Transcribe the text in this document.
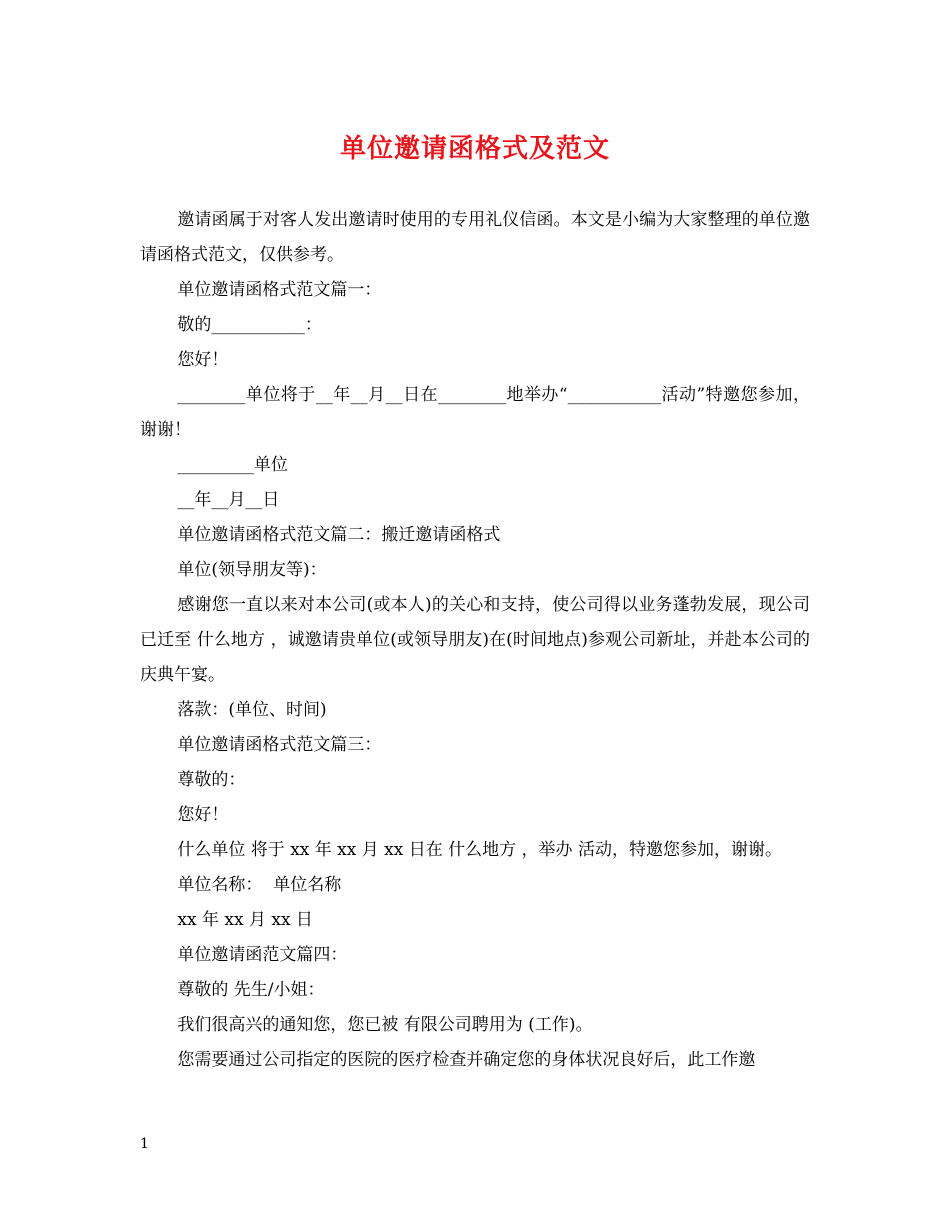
单位邀请函格式及范文

邀请函属于对客人发出邀请时使用的专用礼仪信函。本文是小编为大家整理的单位邀请函格式范文，仅供参考。

单位邀请函格式范文篇一：

敬的___________：

您好！

________单位将于__年__月__日在________地举办“___________活动”特邀您参加，谢谢！

_________单位

__年__月__日

单位邀请函格式范文篇二：搬迁邀请函格式

单位(领导朋友等)：

感谢您一直以来对本公司(或本人)的关心和支持，使公司得以业务蓬勃发展，现公司已迁至 什么地方 ，诚邀请贵单位(或领导朋友)在(时间地点)参观公司新址，并赴本公司的庆典午宴。

落款：(单位、时间)

单位邀请函格式范文篇三：

尊敬的：

您好！

什么单位 将于 xx 年 xx 月 xx 日在 什么地方 ，举办 活动，特邀您参加，谢谢。

单位名称：  单位名称

xx 年 xx 月 xx 日

单位邀请函范文篇四：

尊敬的 先生/小姐：

我们很高兴的通知您，您已被 有限公司聘用为 (工作)。

您需要通过公司指定的医院的医疗检查并确定您的身体状况良好后，此工作邀

1
